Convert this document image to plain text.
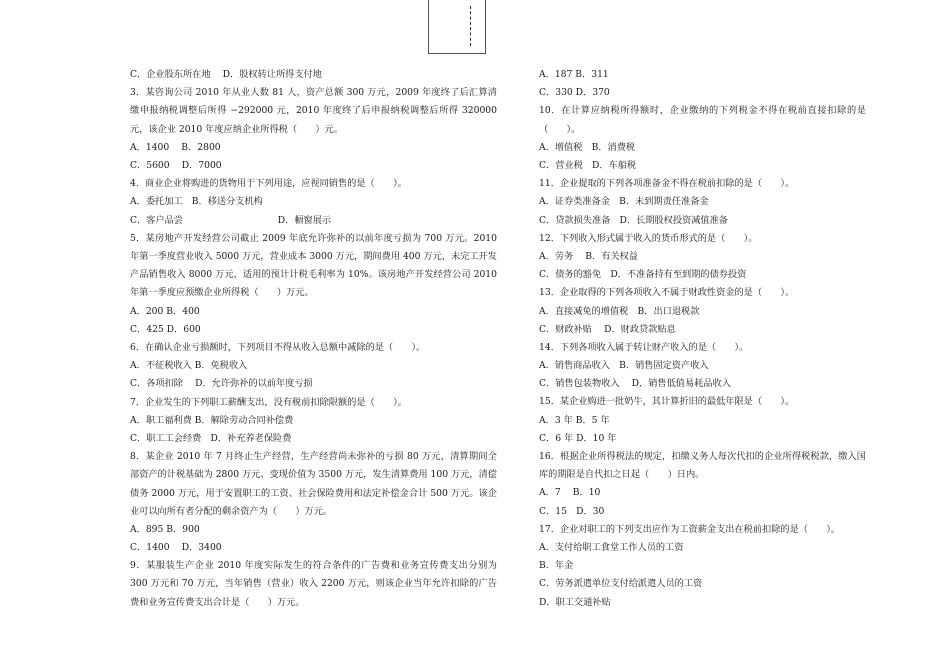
C．企业股东所在地　 D．股权转让所得支付地
3．某咨询公司 2010 年从业人数 81 人，资产总额 300 万元，2009 年度终了后汇算清缴申报纳税调整后所得 −292000 元，2010 年度终了后申报纳税调整后所得 320000 元，该企业 2010 年度应纳企业所得税（　　）元。
A．1400　 B．2800
C．5600　 D．7000
4．商业企业将购进的货物用于下列用途，应视同销售的是（　　）。
A．委托加工　B．移送分支机构
C．客户品尝　　　　　　　　　　 D．橱窗展示
5．某房地产开发经营公司截止 2009 年底允许弥补的以前年度亏损为 700 万元。2010 年第一季度营业收入 5000 万元，营业成本 3000 万元，期间费用 400 万元，未完工开发产品销售收入 8000 万元，适用的预计计税毛利率为 10%。该房地产开发经营公司 2010 年第一季度应预缴企业所得税（　　）万元。
A．200 B．400
C．425 D．600
6．在确认企业亏损额时，下列项目不得从收入总额中减除的是（　　）。
A．不征税收入 B．免税收入
C．各项扣除　 D．允许弥补的以前年度亏损
7．企业发生的下列职工薪酬支出，没有税前扣除限额的是（　　）。
A．职工福利费 B．解除劳动合同补偿费
C．职工工会经费　D．补充养老保险费
8．某企业 2010 年 7 月终止生产经营，生产经营尚未弥补的亏损 80 万元，清算期间全部资产的计税基础为 2800 万元、变现价值为 3500 万元，发生清算费用 100 万元，清偿债务 2000 万元，用于安置职工的工资、社会保险费用和法定补偿金合计 500 万元。该企业可以向所有者分配的剩余资产为（　　）万元。
A．895 B．900
C．1400　 D．3400
9．某服装生产企业 2010 年度实际发生的符合条件的广告费和业务宣传费支出分别为 300 万元和 70 万元，当年销售（营业）收入 2200 万元，则该企业当年允许扣除的广告费和业务宣传费支出合计是（　　）万元。
A．187 B．311
C．330 D．370
10．在计算应纳税所得额时，企业缴纳的下列税金不得在税前直接扣除的是（　　）。
A．增值税　B．消费税
C．营业税　D．车船税
11．企业提取的下列各项准备金不得在税前扣除的是（　　）。
A．证券类准备金　B．未到期责任准备金
C．贷款损失准备　D．长期股权投资减值准备
12．下列收入形式属于收入的货币形式的是（　　）。
A．劳务　 B．有关权益
C．债务的豁免　D．不准备持有至到期的债券投资
13．企业取得的下列各项收入不属于财政性资金的是（　　）。
A．直接减免的增值税　B．出口退税款
C．财政补贴　 D．财政贷款贴息
14．下列各项收入属于转让财产收入的是（　　）。
A．销售商品收入　B．销售固定资产收入
C．销售包装物收入　 D．销售低值易耗品收入
15．某企业购进一批奶牛，其计算折旧的最低年限是（　　）。
A．3 年 B．5 年
C．6 年 D．10 年
16．根据企业所得税法的规定，扣缴义务人每次代扣的企业所得税税款，缴入国库的期限是自代扣之日起（　　）日内。
A．7　 B．10
C．15　D．30
17．企业对职工的下列支出应作为工资薪金支出在税前扣除的是（　　）。
A．支付给职工食堂工作人员的工资
B．年金
C．劳务派遣单位支付给派遣人员的工资
D．职工交通补贴
